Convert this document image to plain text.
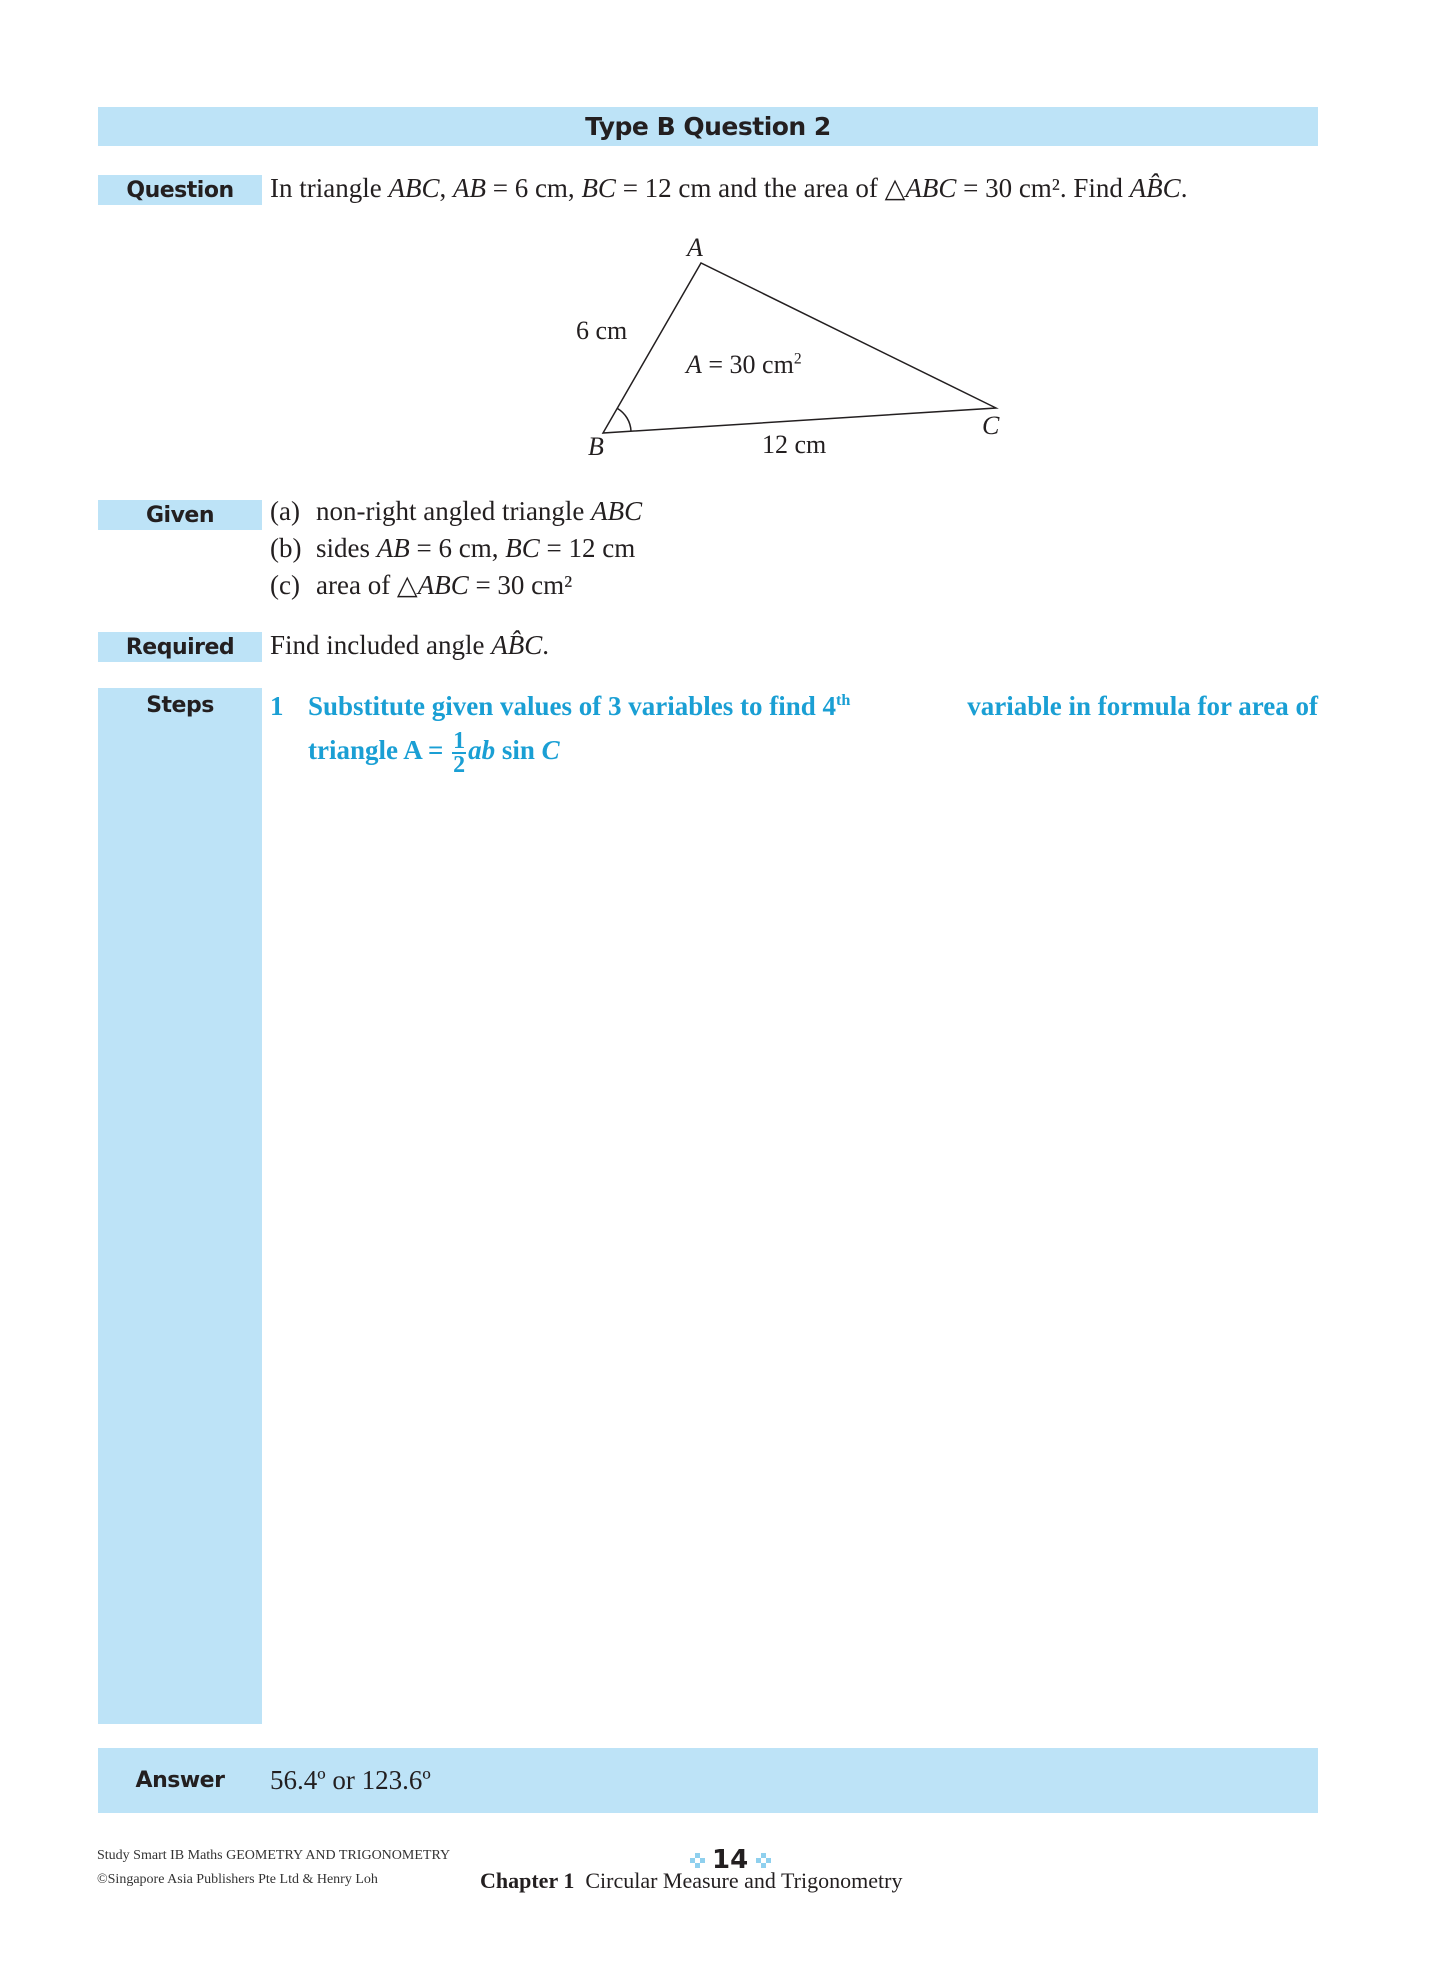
Type B Question 2
Question In triangle ABC, AB = 6 cm, BC = 12 cm and the area of △ABC = 30 cm². Find AB̂C.
A
B
C
6 cm
12 cm
A = 30 $cm^2$
Given (a) non-right angled triangle ABC
(b) sides AB = 6 cm, BC = 12 cm
(c) area of △ABC = 30 cm²
Required Find included angle AB̂C.
Steps 1 Substitute given values of 3 variables to find 4th	variable in formula for area of
triangle $A = \frac{1}{2}$ ab sin C
Answer 56.4º or 123.6º
Study Smart IB Maths GEOMETRY AND TRIGONOMETRY
©Singapore Asia Publishers Pte Ltd & Henry Loh
14
Chapter 1 Circular Measure and Trigonometry
